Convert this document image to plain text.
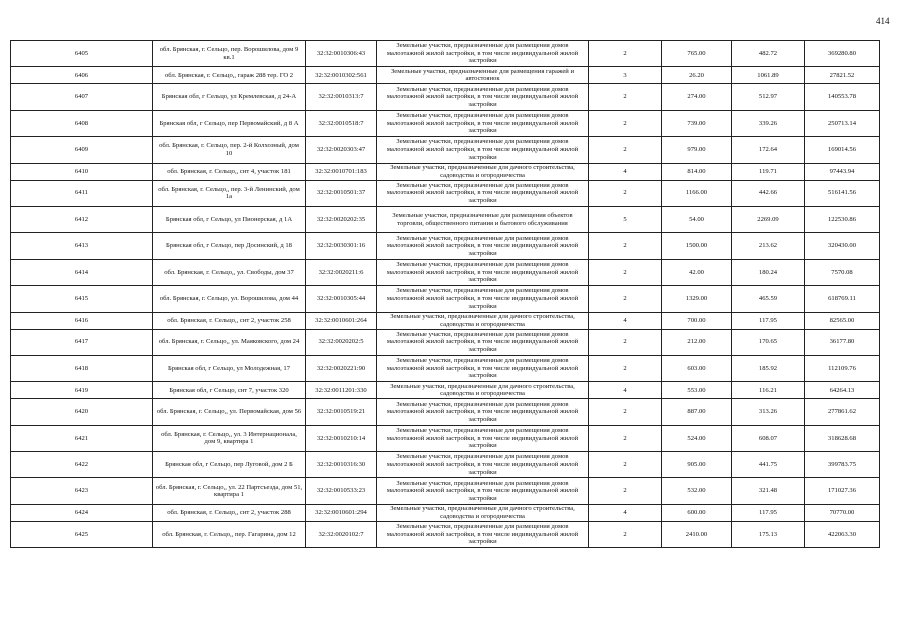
414
6405	обл. Брянская, г. Сельцо, пер. Ворошилова, дом 9 кв.1	32:32:0010306:43	Земельные участки, предназначенные для размещения домов малоэтажной жилой застройки, в том числе индивидуальной жилой застройки	2	765.00	482.72	369280.80
6406	обл. Брянская, г. Сельцо,, гараж 288 тер. ГО 2	32:32:0010302:561	Земельные участки, предназначенные для размещения гаражей и автостоянок	3	26.20	1061.89	27821.52
6407	Брянская обл, г Сельцо, ул Кремлевская, д 24-А	32:32:0010313:7	Земельные участки, предназначенные для размещения домов малоэтажной жилой застройки, в том числе индивидуальной жилой застройки	2	274.00	512.97	140553.78
6408	Брянская обл, г Сельцо, пер Первомайский, д 8 А	32:32:0010518:7	Земельные участки, предназначенные для размещения домов малоэтажной жилой застройки, в том числе индивидуальной жилой застройки	2	739.00	339.26	250713.14
6409	обл. Брянская, г. Сельцо, пер. 2-й Колхозный, дом 10	32:32:0020303:47	Земельные участки, предназначенные для размещения домов малоэтажной жилой застройки, в том числе индивидуальной жилой застройки	2	979.00	172.64	169014.56
6410	обл. Брянская, г. Сельцо,, снт 4, участок 181	32:32:0010701:183	Земельные участки, предназначенные для дачного строительства, садоводства и огородничества	4	814.00	119.71	97443.94
6411	обл. Брянская, г. Сельцо,, пер. 3-й Ленинский, дом 1а	32:32:0010501:37	Земельные участки, предназначенные для размещения домов малоэтажной жилой застройки, в том числе индивидуальной жилой застройки	2	1166.00	442.66	516141.56
6412	Брянская обл, г Сельцо, ул Пионерская, д 1А	32:32:0020202:35	Земельные участки, предназначенные для размещения объектов торговли, общественного питания и бытового обслуживания	5	54.00	2269.09	122530.86
6413	Брянская обл, г Сельцо, пер Досинский, д 18	32:32:0030301:16	Земельные участки, предназначенные для размещения домов малоэтажной жилой застройки, в том числе индивидуальной жилой застройки	2	1500.00	213.62	320430.00
6414	обл. Брянская, г. Сельцо,, ул. Свободы, дом 37	32:32:0020211:6	Земельные участки, предназначенные для размещения домов малоэтажной жилой застройки, в том числе индивидуальной жилой застройки	2	42.00	180.24	7570.08
6415	обл. Брянская, г. Сельцо, ул. Ворошилова, дом 44	32:32:0010305:44	Земельные участки, предназначенные для размещения домов малоэтажной жилой застройки, в том числе индивидуальной жилой застройки	2	1329.00	465.59	618769.11
6416	обл. Брянская, г. Сельцо,, снт 2, участок 258	32:32:0010601:264	Земельные участки, предназначенные для дачного строительства, садоводства и огородничества	4	700.00	117.95	82565.00
6417	обл. Брянская, г. Сельцо,, ул. Маяковского, дом 24	32:32:0020202:5	Земельные участки, предназначенные для размещения домов малоэтажной жилой застройки, в том числе индивидуальной жилой застройки	2	212.00	170.65	36177.80
6418	Брянская обл, г Сельцо, ул Молодежная, 17	32:32:0020221:90	Земельные участки, предназначенные для размещения домов малоэтажной жилой застройки, в том числе индивидуальной жилой застройки	2	603.00	185.92	112109.76
6419	Брянская обл, г Сельцо, снт 7, участок 320	32:32:0011201:330	Земельные участки, предназначенные для дачного строительства, садоводства и огородничества	4	553.00	116.21	64264.13
6420	обл. Брянская, г. Сельцо,, ул. Первомайская, дом 56	32:32:0010519:21	Земельные участки, предназначенные для размещения домов малоэтажной жилой застройки, в том числе индивидуальной жилой застройки	2	887.00	313.26	277861.62
6421	обл. Брянская, г. Сельцо,, ул. 3 Интернационала, дом 9, квартира 1	32:32:0010210:14	Земельные участки, предназначенные для размещения домов малоэтажной жилой застройки, в том числе индивидуальной жилой застройки	2	524.00	608.07	318628.68
6422	Брянская обл, г Сельцо, пер Луговой, дом 2 Б	32:32:0010316:30	Земельные участки, предназначенные для размещения домов малоэтажной жилой застройки, в том числе индивидуальной жилой застройки	2	905.00	441.75	399783.75
6423	обл. Брянская, г. Сельцо,, ул. 22 Партсъезда, дом 51, квартира 1	32:32:0010533:23	Земельные участки, предназначенные для размещения домов малоэтажной жилой застройки, в том числе индивидуальной жилой застройки	2	532.00	321.48	171027.36
6424	обл. Брянская, г. Сельцо,, снт 2, участок 288	32:32:0010601:294	Земельные участки, предназначенные для дачного строительства, садоводства и огородничества	4	600.00	117.95	70770.00
6425	обл. Брянская, г. Сельцо,, пер. Гагарина, дом 12	32:32:0020102:7	Земельные участки, предназначенные для размещения домов малоэтажной жилой застройки, в том числе индивидуальной жилой застройки	2	2410.00	175.13	422063.30
